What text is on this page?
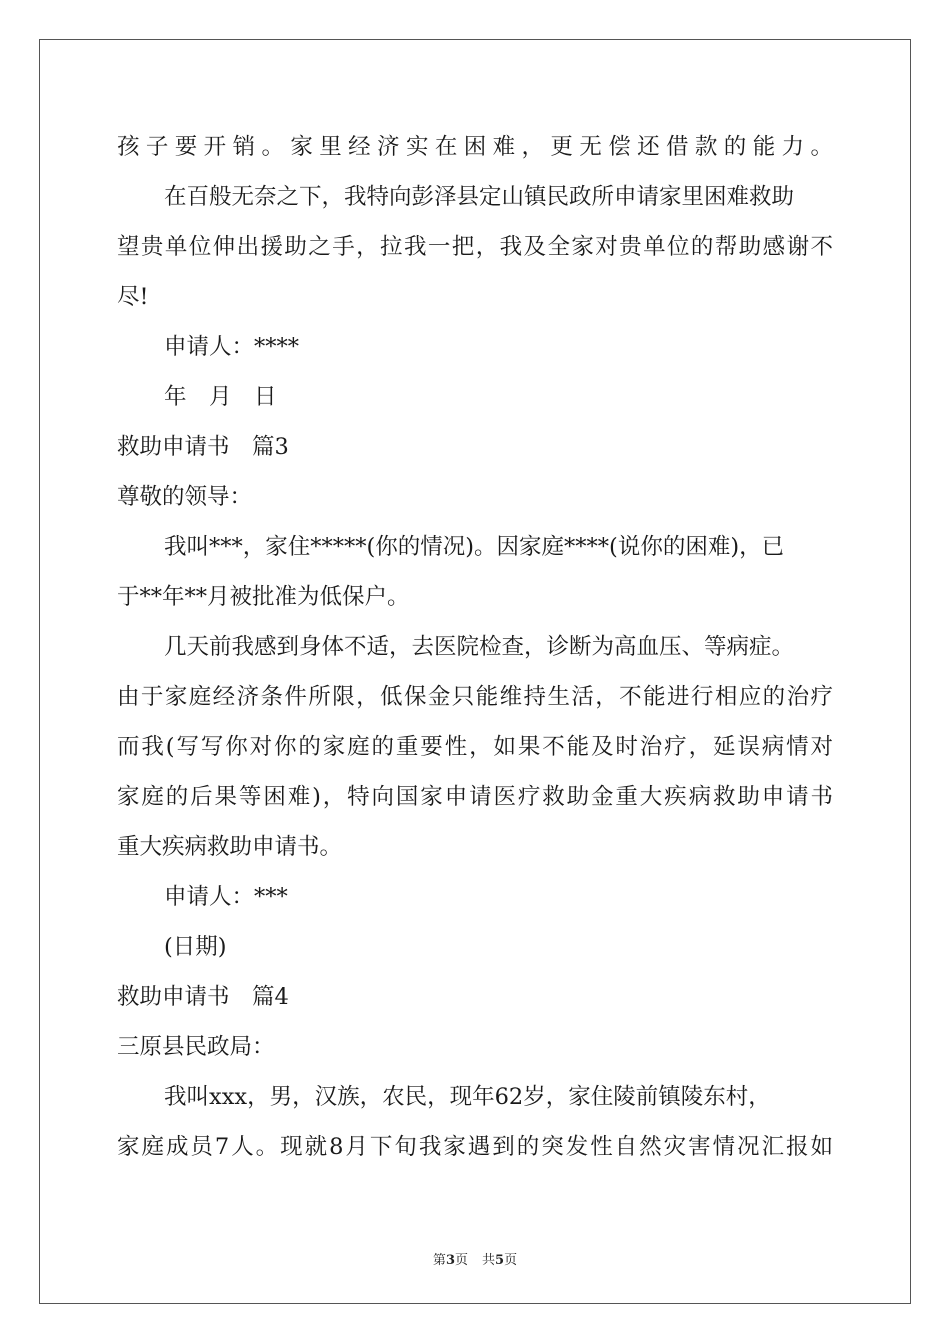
孩子要开销。家里经济实在困难，更无偿还借款的能力。
在百般无奈之下，我特向彭泽县定山镇民政所申请家里困难救助
望贵单位伸出援助之手，拉我一把，我及全家对贵单位的帮助感谢不
尽!
申请人：****
年　月　日
救助申请书　篇3
尊敬的领导：
我叫***，家住*****(你的情况)。因家庭****(说你的困难)，已
于**年**月被批准为低保户。
几天前我感到身体不适，去医院检查，诊断为高血压、等病症。
由于家庭经济条件所限，低保金只能维持生活，不能进行相应的治疗
而我(写写你对你的家庭的重要性，如果不能及时治疗，延误病情对
家庭的后果等困难)，特向国家申请医疗救助金重大疾病救助申请书
重大疾病救助申请书。
申请人：***
(日期)
救助申请书　篇4
三原县民政局：
我叫xxx，男，汉族，农民，现年62岁，家住陵前镇陵东村，
家庭成员7人。现就8月下旬我家遇到的突发性自然灾害情况汇报如
第3页 共5页
